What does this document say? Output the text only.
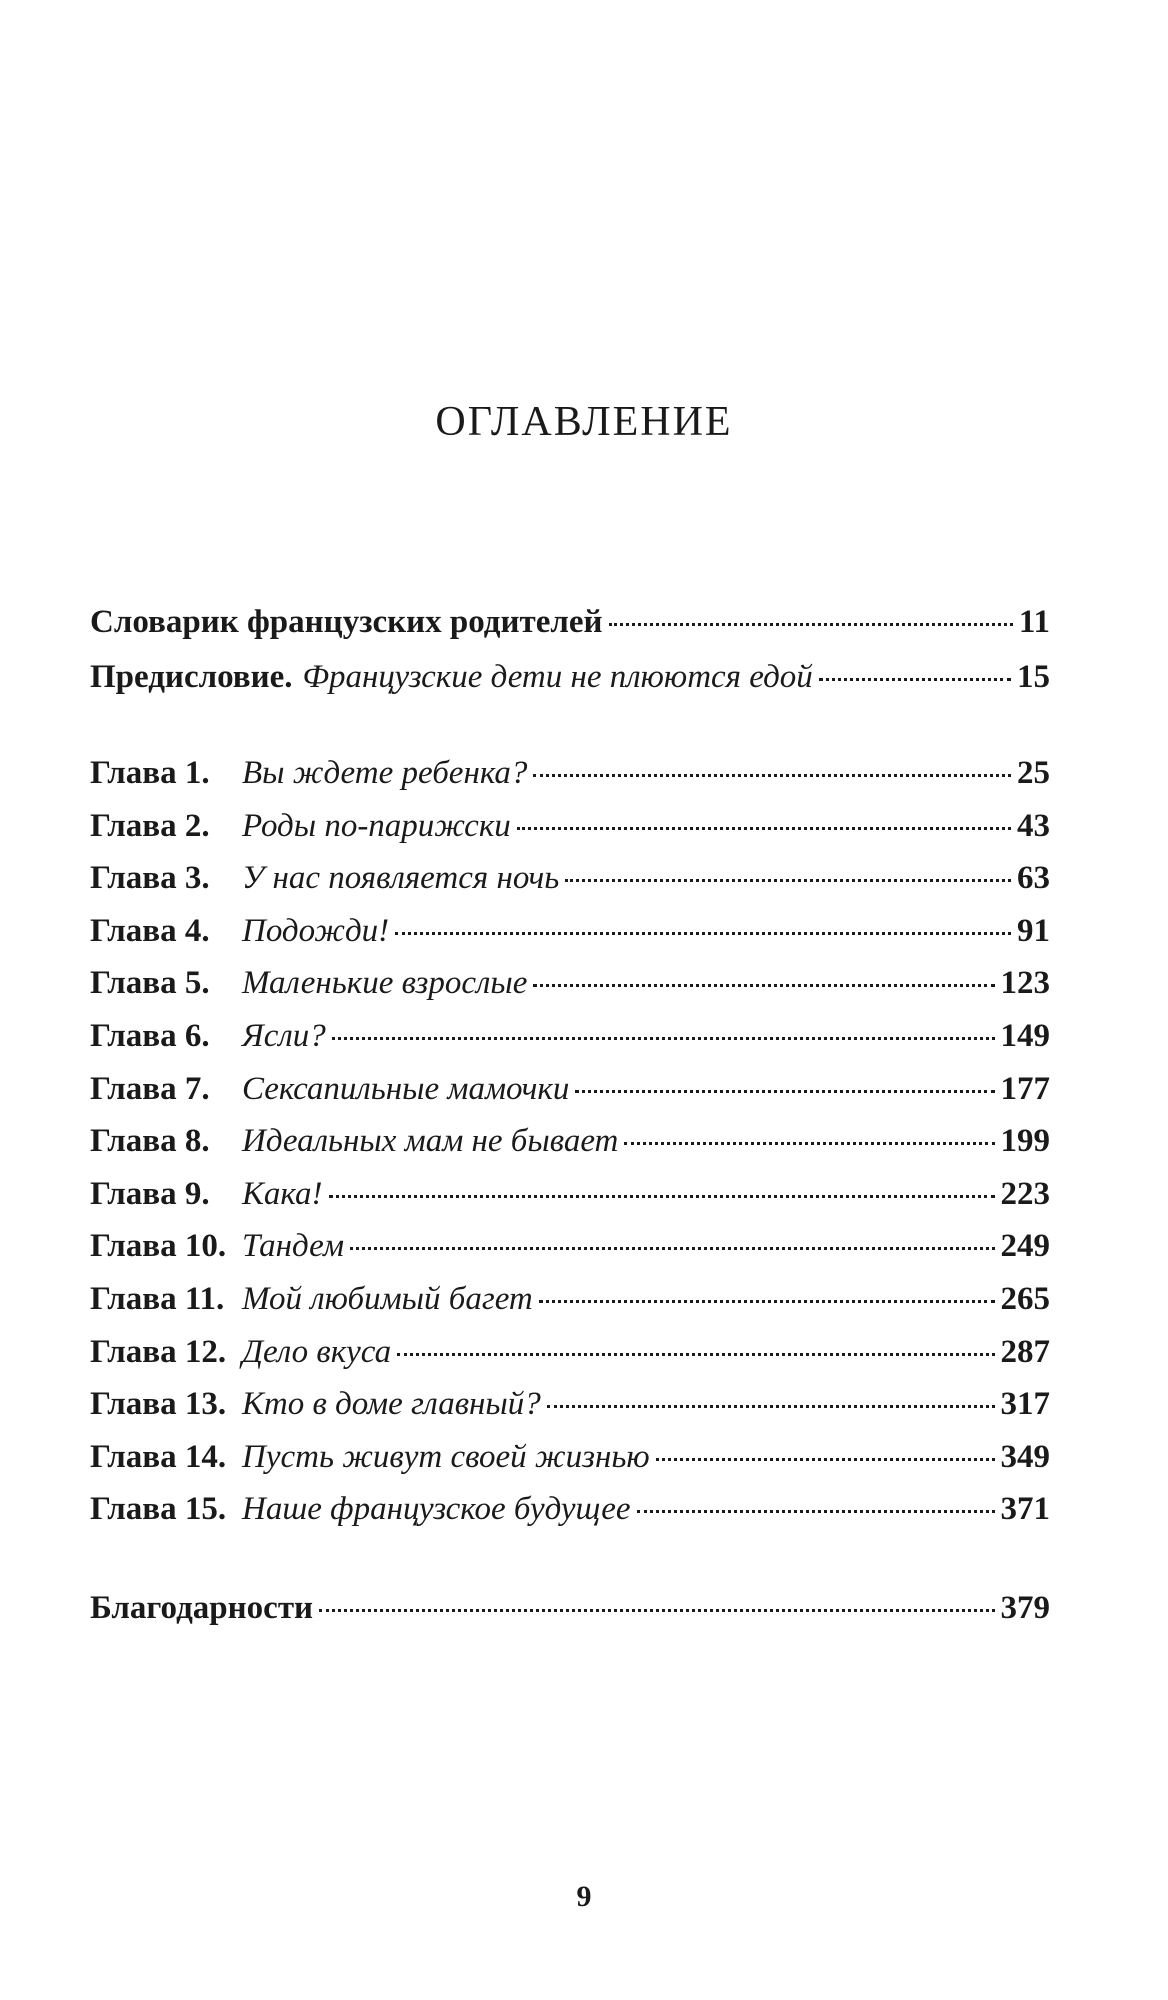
ОГЛАВЛЕНИЕ
Словарик французских родителей	11
Предисловие. Французские дети не плюются едой	15
Глава 1. Вы ждете ребенка?	25
Глава 2. Роды по-парижски	43
Глава 3. У нас появляется ночь	63
Глава 4. Подожди!	91
Глава 5. Маленькие взрослые	123
Глава 6. Ясли?	149
Глава 7. Сексапильные мамочки	177
Глава 8. Идеальных мам не бывает	199
Глава 9. Кака!	223
Глава 10. Тандем	249
Глава 11. Мой любимый багет	265
Глава 12. Дело вкуса	287
Глава 13. Кто в доме главный?	317
Глава 14. Пусть живут своей жизнью	349
Глава 15. Наше французское будущее	371
Благодарности	379
9
